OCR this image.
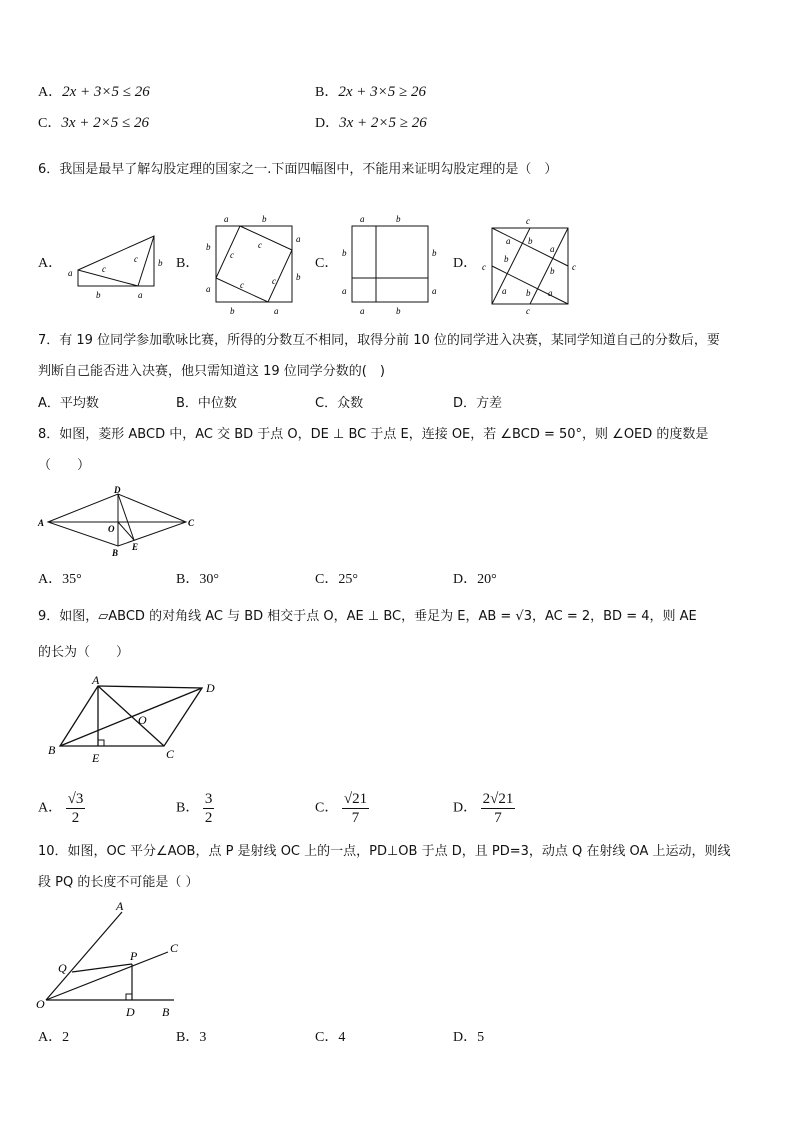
A．2x + 3×5 ≤ 26	B．2x + 3×5 ≥ 26
C．3x + 2×5 ≤ 26	D．3x + 2×5 ≥ 26
6．我国是最早了解勾股定理的国家之一.下面四幅图中，不能用来证明勾股定理的是（　）
A．
a	c
c b
b	a
B．
a	b
a
b
b
a
b	a
c
c
c
c
C．
a	b
b
a
b
a
a	b
D．
c
c	c
c
a b
a
b
b
a b a
7．有 19 位同学参加歌咏比赛，所得的分数互不相同，取得分前 10 位的同学进入决赛，某同学知道自己的分数后，要
判断自己能否进入决赛，他只需知道这 19 位同学分数的(　)
A．平均数	B．中位数	C．众数	D．方差
8．如图，菱形 ABCD 中，AC 交 BD 于点 O，DE ⊥ BC 于点 E，连接 OE，若 ∠BCD = 50°，则 ∠OED 的度数是
（　　）
A
D
C
B
O
E
A．35°	B．30°	C．25°	D．20°
9．如图，▱ABCD 的对角线 AC 与 BD 相交于点 O，AE ⊥ BC，垂足为 E，AB = √3，AC = 2，BD = 4，则 AE
的长为（　　）
A
D
B	C
O
E
A． $\frac{√3}{2}$	B． $\frac{3}{2}$	C． $\frac{√21}{7}$	D． $\frac{2√21}{7}$
10．如图，OC 平分∠AOB，点 P 是射线 OC 上的一点，PD⊥OB 于点 D，且 PD=3，动点 Q 在射线 OA 上运动，则线
段 PQ 的长度不可能是（ ）
A
C
P
Q
O
D B
A．2	B．3	C．4	D．5
